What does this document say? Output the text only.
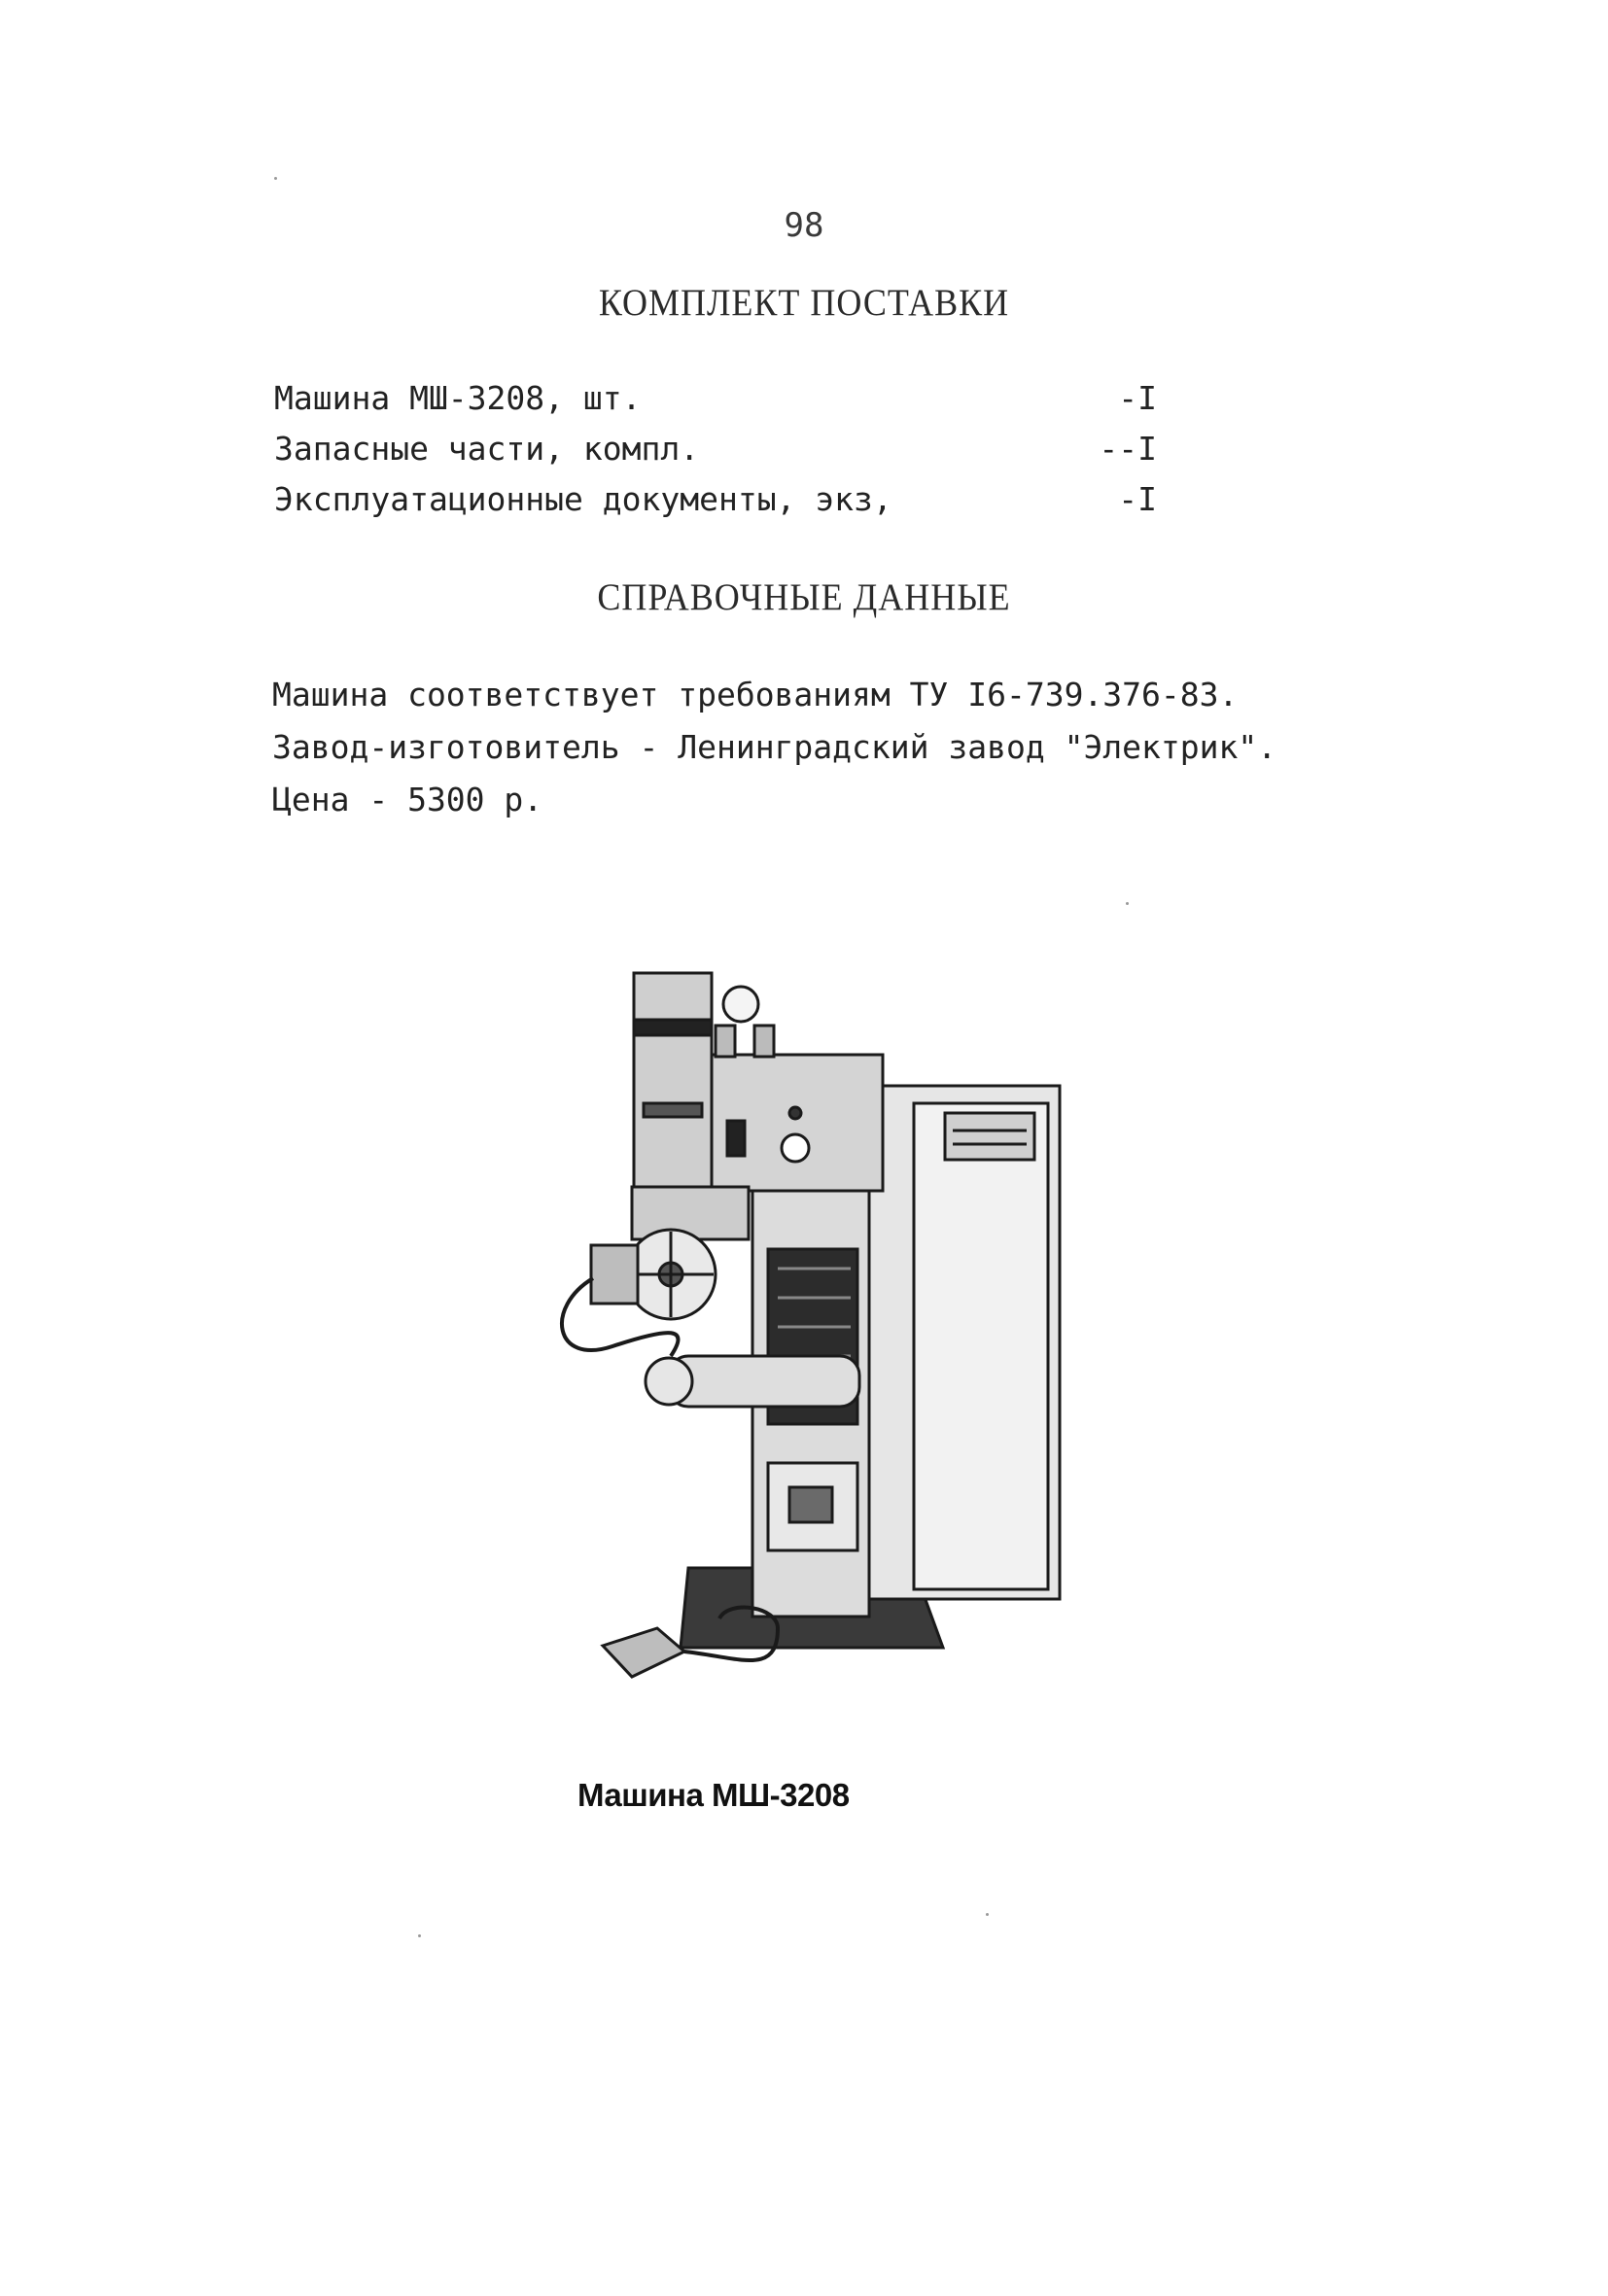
98
КОМПЛЕКТ ПОСТАВКИ
Машина МШ-3208, шт.	-I
Запасные части, компл.	--I
Эксплуатационные документы, экз,	-I
СПРАВОЧНЫЕ ДАННЫЕ
Машина соответствует требованиям ТУ I6-739.376-83.
Завод-изготовитель - Ленинградский завод "Электрик".
Цена - 5300 р.
Машина МШ-3208
